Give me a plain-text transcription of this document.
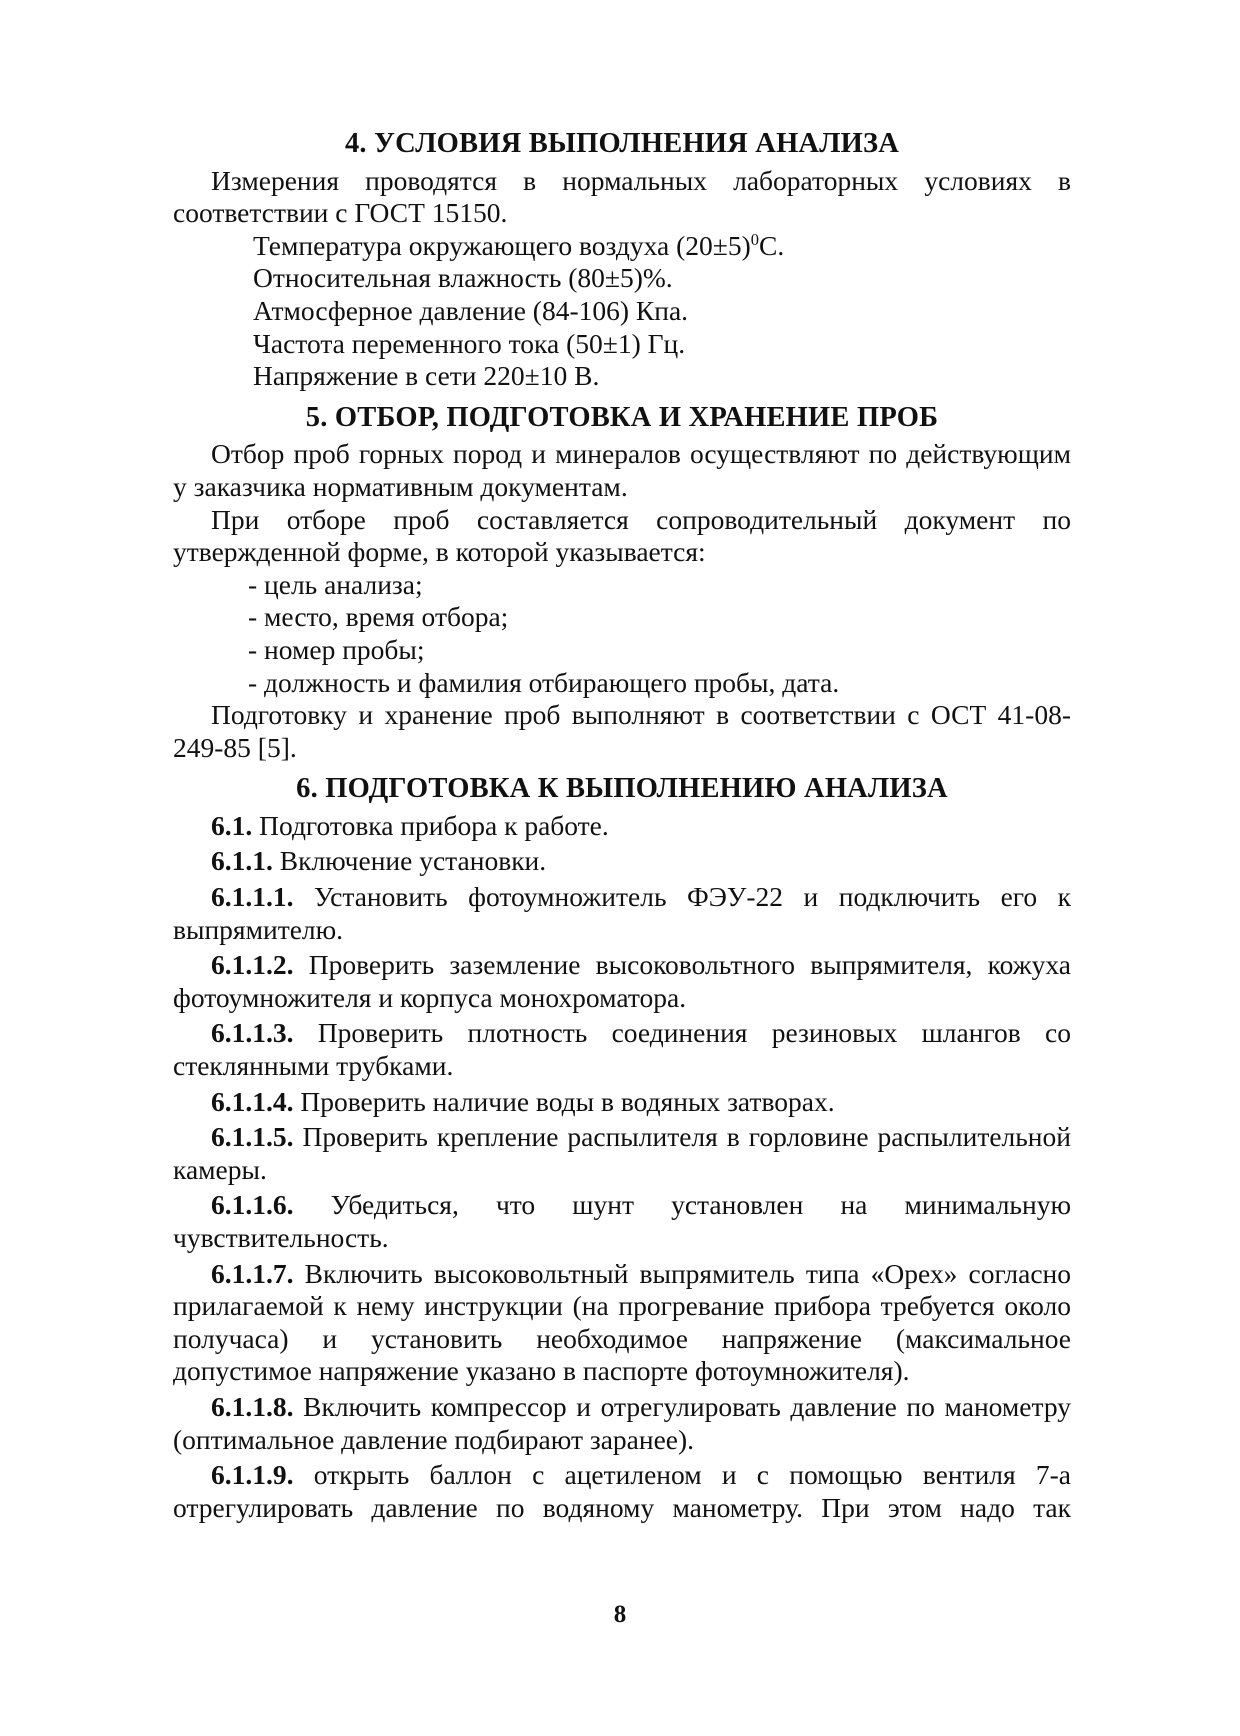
4. УСЛОВИЯ ВЫПОЛНЕНИЯ АНАЛИЗА

Измерения проводятся в нормальных лабораторных условиях в соответствии с ГОСТ 15150.

Температура окружающего воздуха $(20\pm 5)^0С$.

Относительная влажность (80±5)%.

Атмосферное давление (84-106) Кпа.

Частота переменного тока (50±1) Гц.

Напряжение в сети 220±10 В.

5. ОТБОР, ПОДГОТОВКА И ХРАНЕНИЕ ПРОБ

Отбор проб горных пород и минералов осуществляют по действующим у заказчика нормативным документам.

При отборе проб составляется сопроводительный документ по утвержденной форме, в которой указывается:

- цель анализа;

- место, время отбора;

- номер пробы;

- должность и фамилия отбирающего пробы, дата.

Подготовку и хранение проб выполняют в соответствии с ОСТ 41-08-249-85 [5].

6. ПОДГОТОВКА К ВЫПОЛНЕНИЮ АНАЛИЗА

6.1. Подготовка прибора к работе.

6.1.1. Включение установки.

6.1.1.1. Установить фотоумножитель ФЭУ-22 и подключить его к выпрямителю.

6.1.1.2. Проверить заземление высоковольтного выпрямителя, кожуха фотоумножителя и корпуса монохроматора.

6.1.1.3. Проверить плотность соединения резиновых шлангов со стеклянными трубками.

6.1.1.4. Проверить наличие воды в водяных затворах.

6.1.1.5. Проверить крепление распылителя в горловине распылительной камеры.

6.1.1.6. Убедиться, что шунт установлен на минимальную чувствительность.

6.1.1.7. Включить высоковольтный выпрямитель типа «Орех» согласно прилагаемой к нему инструкции (на прогревание прибора требуется около получаса) и установить необходимое напряжение (максимальное допустимое напряжение указано в паспорте фотоумножителя).

6.1.1.8. Включить компрессор и отрегулировать давление по манометру (оптимальное давление подбирают заранее).

6.1.1.9. открыть баллон с ацетиленом и с помощью вентиля 7-а отрегулировать давление по водяному манометру. При этом надо так

8
